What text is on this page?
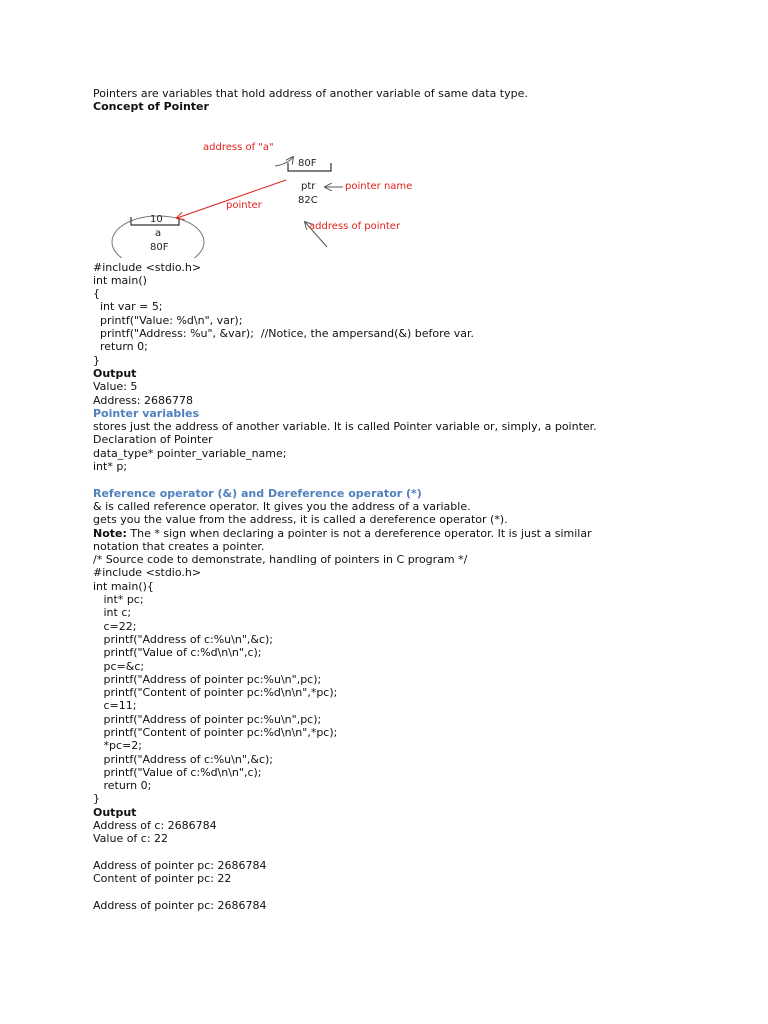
Pointers are variables that hold address of another variable of same data type.
Concept of Pointer
address of "a"
80F
ptr	pointer name
82C
pointer
address of pointer
10
a
80F
#include <stdio.h>
int main()
{
int var = 5;
printf("Value: %d\n", var);
printf("Address: %u", &var);  //Notice, the ampersand(&) before var.
return 0;
}
Output
Value: 5
Address: 2686778
Pointer variables
stores just the address of another variable. It is called Pointer variable or, simply, a pointer.
Declaration of Pointer
data_type* pointer_variable_name;
int* p;
Reference operator (&) and Dereference operator (*)
& is called reference operator. It gives you the address of a variable.
gets you the value from the address, it is called a dereference operator (*).
Note: The * sign when declaring a pointer is not a dereference operator. It is just a similar
notation that creates a pointer.
/* Source code to demonstrate, handling of pointers in C program */
#include <stdio.h>
int main(){
int* pc;
int c;
c=22;
printf("Address of c:%u\n",&c);
printf("Value of c:%d\n\n",c);
pc=&c;
printf("Address of pointer pc:%u\n",pc);
printf("Content of pointer pc:%d\n\n",*pc);
c=11;
printf("Address of pointer pc:%u\n",pc);
printf("Content of pointer pc:%d\n\n",*pc);
*pc=2;
printf("Address of c:%u\n",&c);
printf("Value of c:%d\n\n",c);
return 0;
}
Output
Address of c: 2686784
Value of c: 22
Address of pointer pc: 2686784
Content of pointer pc: 22
Address of pointer pc: 2686784
